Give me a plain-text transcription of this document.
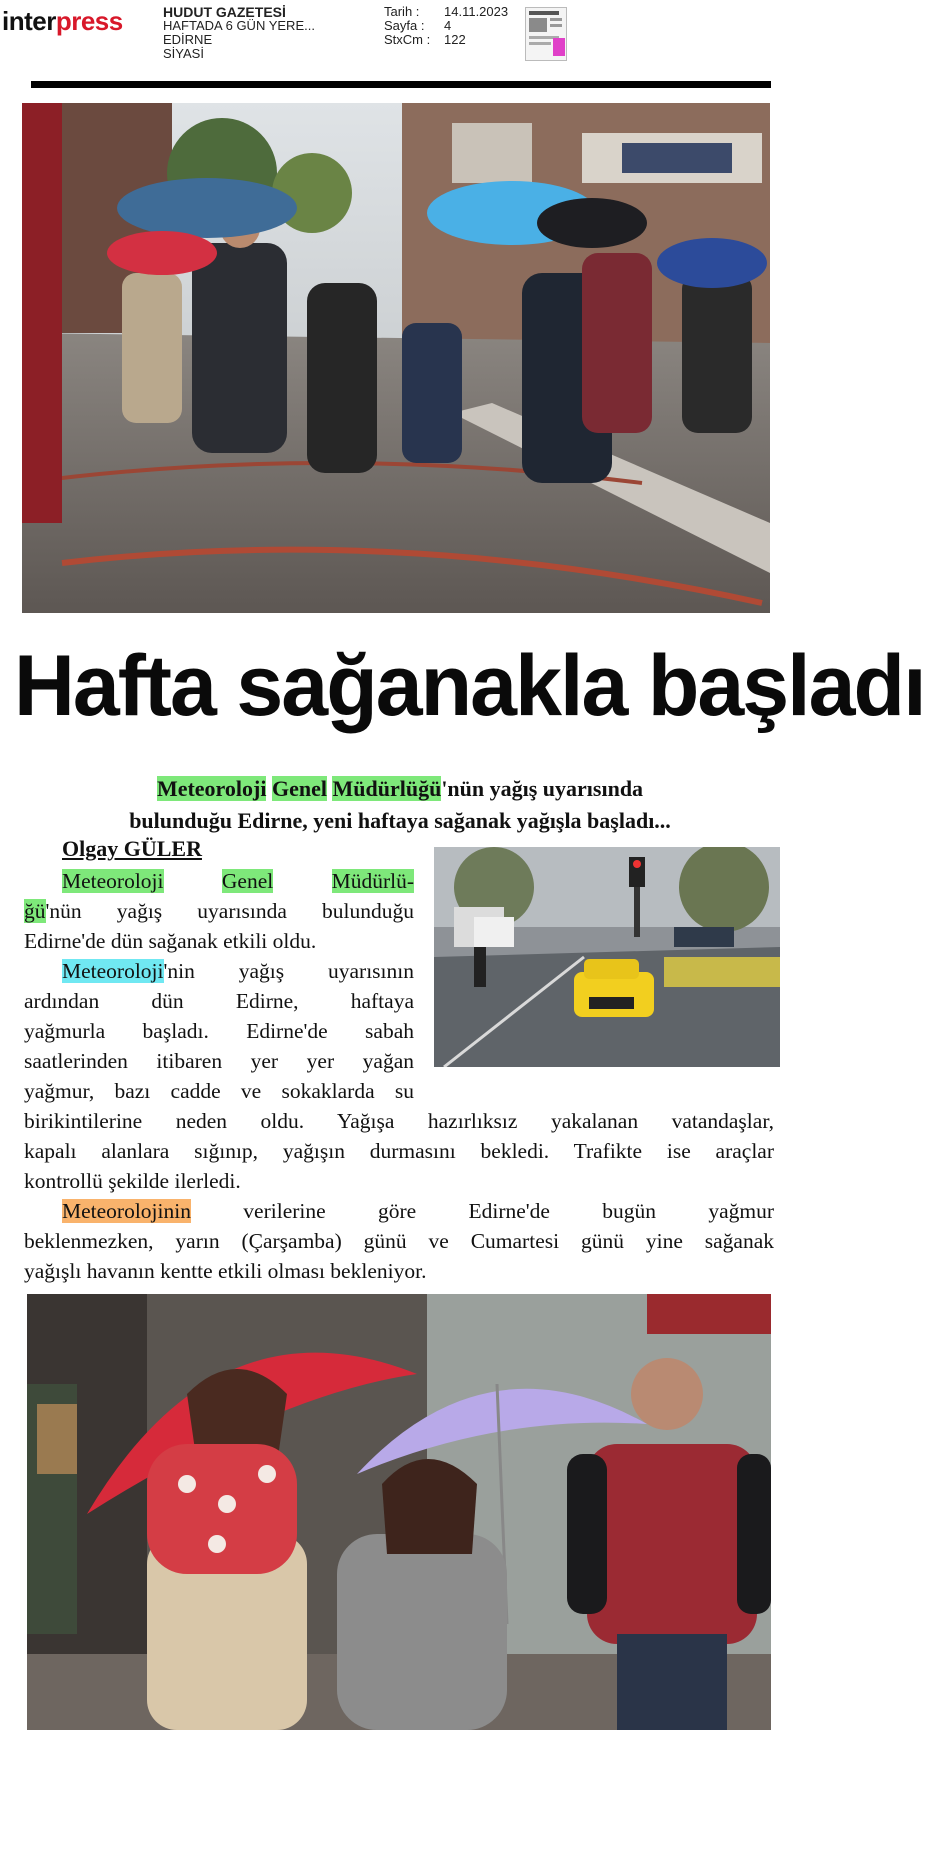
interpress	HUDUT GAZETESİ
HAFTADA 6 GÜN YERE...
EDİRNE
SİYASİ
Tarih :	14.11.2023
Sayfa :	4
StxCm :	122
Hafta sağanakla başladı
Meteoroloji Genel Müdürlüğü'nün yağış uyarısında
bulunduğu Edirne, yeni haftaya sağanak yağışla başladı...
Olgay GÜLER
Meteoroloji	Genel	Müdürlü-
ğü'nün yağış uyarısında bulunduğu
Edirne'de dün sağanak etkili oldu.
Meteoroloji'nin yağış uyarısının
ardından dün Edirne, haftaya
yağmurla başladı. Edirne'de sabah
saatlerinden itibaren yer yer yağan
yağmur, bazı cadde ve sokaklarda su
birikintilerine neden oldu. Yağışa hazırlıksız yakalanan vatandaşlar,
kapalı alanlara sığınıp, yağışın durmasını bekledi. Trafikte ise araçlar
kontrollü şekilde ilerledi.
Meteorolojinin verilerine göre Edirne'de bugün yağmur
beklenmezken, yarın (Çarşamba) günü ve Cumartesi günü yine sağanak
yağışlı havanın kentte etkili olması bekleniyor.
